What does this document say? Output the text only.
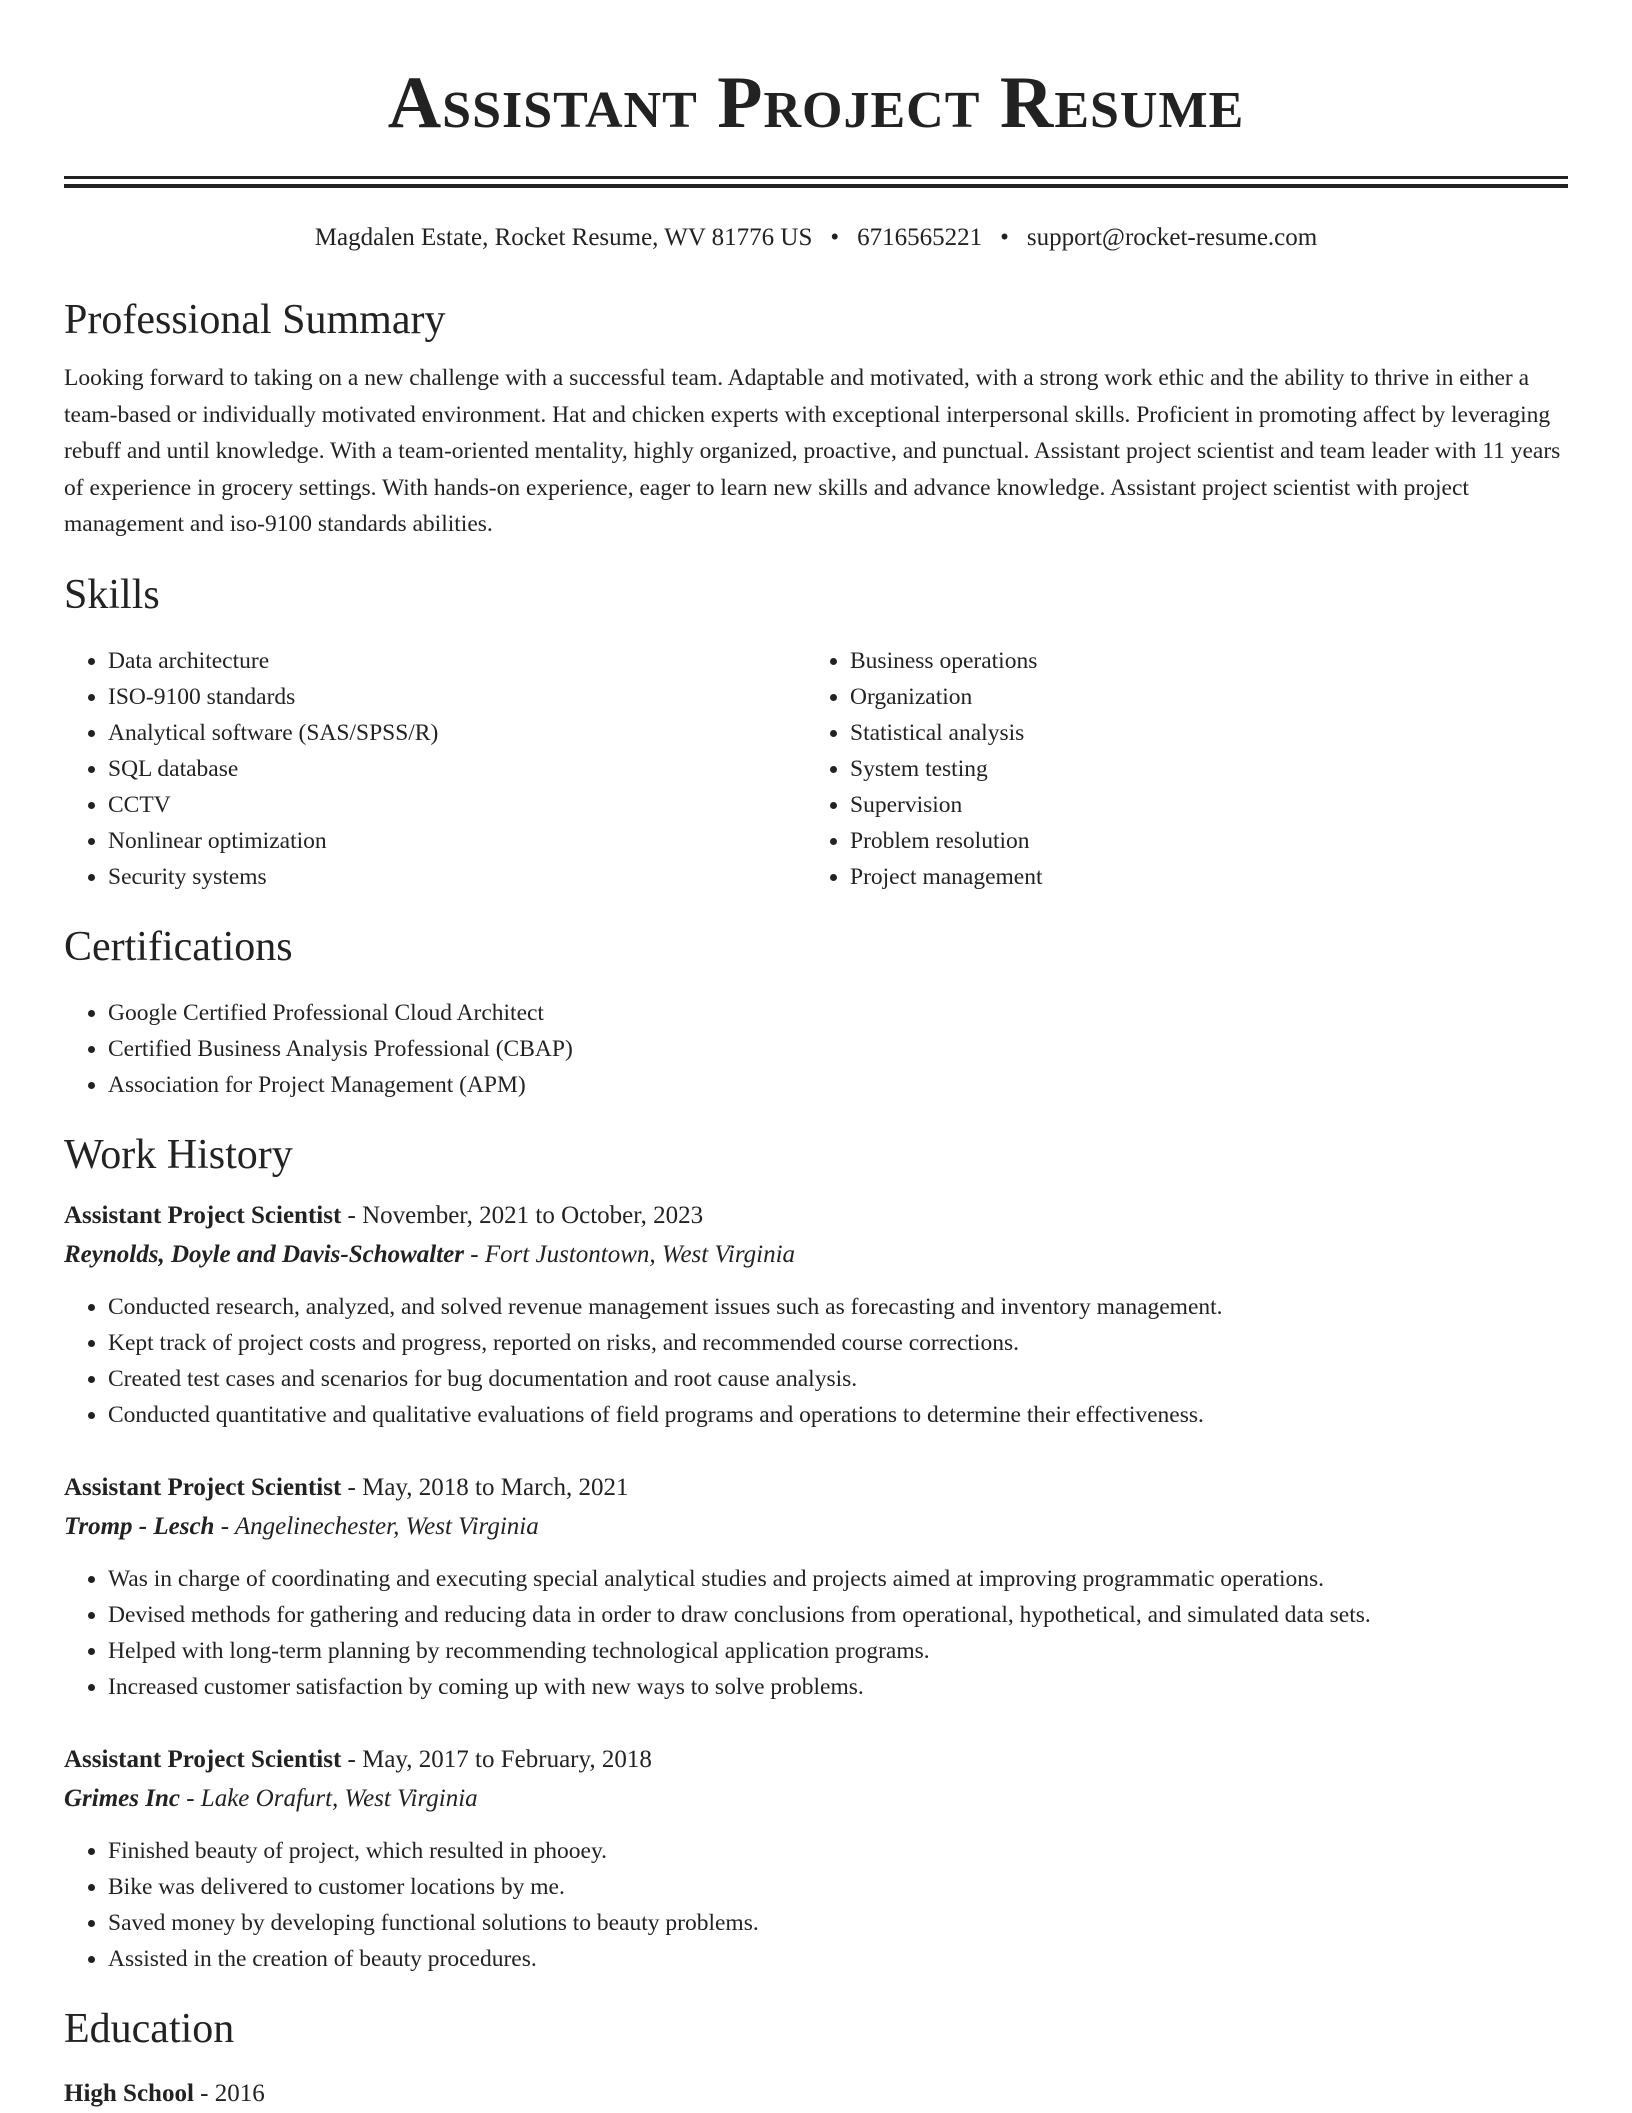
Assistant Project Resume
Magdalen Estate, Rocket Resume, WV 81776 US • 6716565221 • support@rocket-resume.com
Professional Summary

Looking forward to taking on a new challenge with a successful team. Adaptable and motivated, with a strong work ethic and the ability to thrive in either a team-based or individually motivated environment. Hat and chicken experts with exceptional interpersonal skills. Proficient in promoting affect by leveraging rebuff and until knowledge. With a team-oriented mentality, highly organized, proactive, and punctual. Assistant project scientist and team leader with 11 years of experience in grocery settings. With hands-on experience, eager to learn new skills and advance knowledge. Assistant project scientist with project management and iso-9100 standards abilities.

Skills
• Data architecture
• ISO-9100 standards
• Analytical software (SAS/SPSS/R)
• SQL database
• CCTV
• Nonlinear optimization
• Security systems
• Business operations
• Organization
• Statistical analysis
• System testing
• Supervision
• Problem resolution
• Project management
Certifications
• Google Certified Professional Cloud Architect
• Certified Business Analysis Professional (CBAP)
• Association for Project Management (APM)
Work History
Assistant Project Scientist - November, 2021 to October, 2023
Reynolds, Doyle and Davis-Schowalter - Fort Justontown, West Virginia
• Conducted research, analyzed, and solved revenue management issues such as forecasting and inventory management.
• Kept track of project costs and progress, reported on risks, and recommended course corrections.
• Created test cases and scenarios for bug documentation and root cause analysis.
• Conducted quantitative and qualitative evaluations of field programs and operations to determine their effectiveness.
Assistant Project Scientist - May, 2018 to March, 2021
Tromp - Lesch - Angelinechester, West Virginia
• Was in charge of coordinating and executing special analytical studies and projects aimed at improving programmatic operations.
• Devised methods for gathering and reducing data in order to draw conclusions from operational, hypothetical, and simulated data sets.
• Helped with long-term planning by recommending technological application programs.
• Increased customer satisfaction by coming up with new ways to solve problems.
Assistant Project Scientist - May, 2017 to February, 2018
Grimes Inc - Lake Orafurt, West Virginia
• Finished beauty of project, which resulted in phooey.
• Bike was delivered to customer locations by me.
• Saved money by developing functional solutions to beauty problems.
• Assisted in the creation of beauty procedures.
Education
High School - 2016
